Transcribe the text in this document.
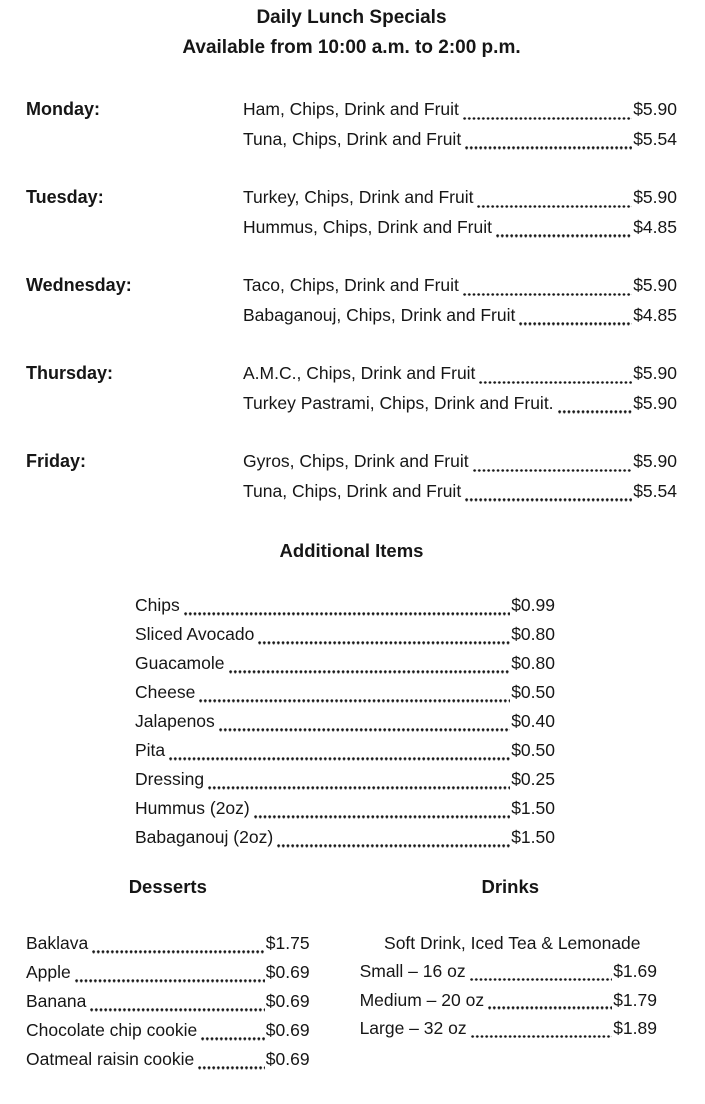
Daily Lunch Specials
Available from 10:00 a.m. to 2:00 p.m.
Monday:	Ham, Chips, Drink and Fruit	$5.90
Tuna, Chips, Drink and Fruit	$5.54
Tuesday:	Turkey, Chips, Drink and Fruit	$5.90
Hummus, Chips, Drink and Fruit	$4.85
Wednesday:	Taco, Chips, Drink and Fruit	$5.90
Babaganouj, Chips, Drink and Fruit	$4.85
Thursday:	A.M.C., Chips, Drink and Fruit	$5.90
Turkey Pastrami, Chips, Drink and Fruit.	$5.90
Friday:	Gyros, Chips, Drink and Fruit	$5.90
Tuna, Chips, Drink and Fruit	$5.54
Additional Items
Chips	$0.99
Sliced Avocado	$0.80
Guacamole	$0.80
Cheese	$0.50
Jalapenos	$0.40
Pita	$0.50
Dressing	$0.25
Hummus (2oz)	$1.50
Babaganouj (2oz)	$1.50
Desserts
Baklava	$1.75
Apple	$0.69
Banana	$0.69
Chocolate chip cookie	$0.69
Oatmeal raisin cookie	$0.69
Drinks
Soft Drink, Iced Tea & Lemonade
Small – 16 oz	$1.69
Medium – 20 oz	$1.79
Large – 32 oz	$1.89
